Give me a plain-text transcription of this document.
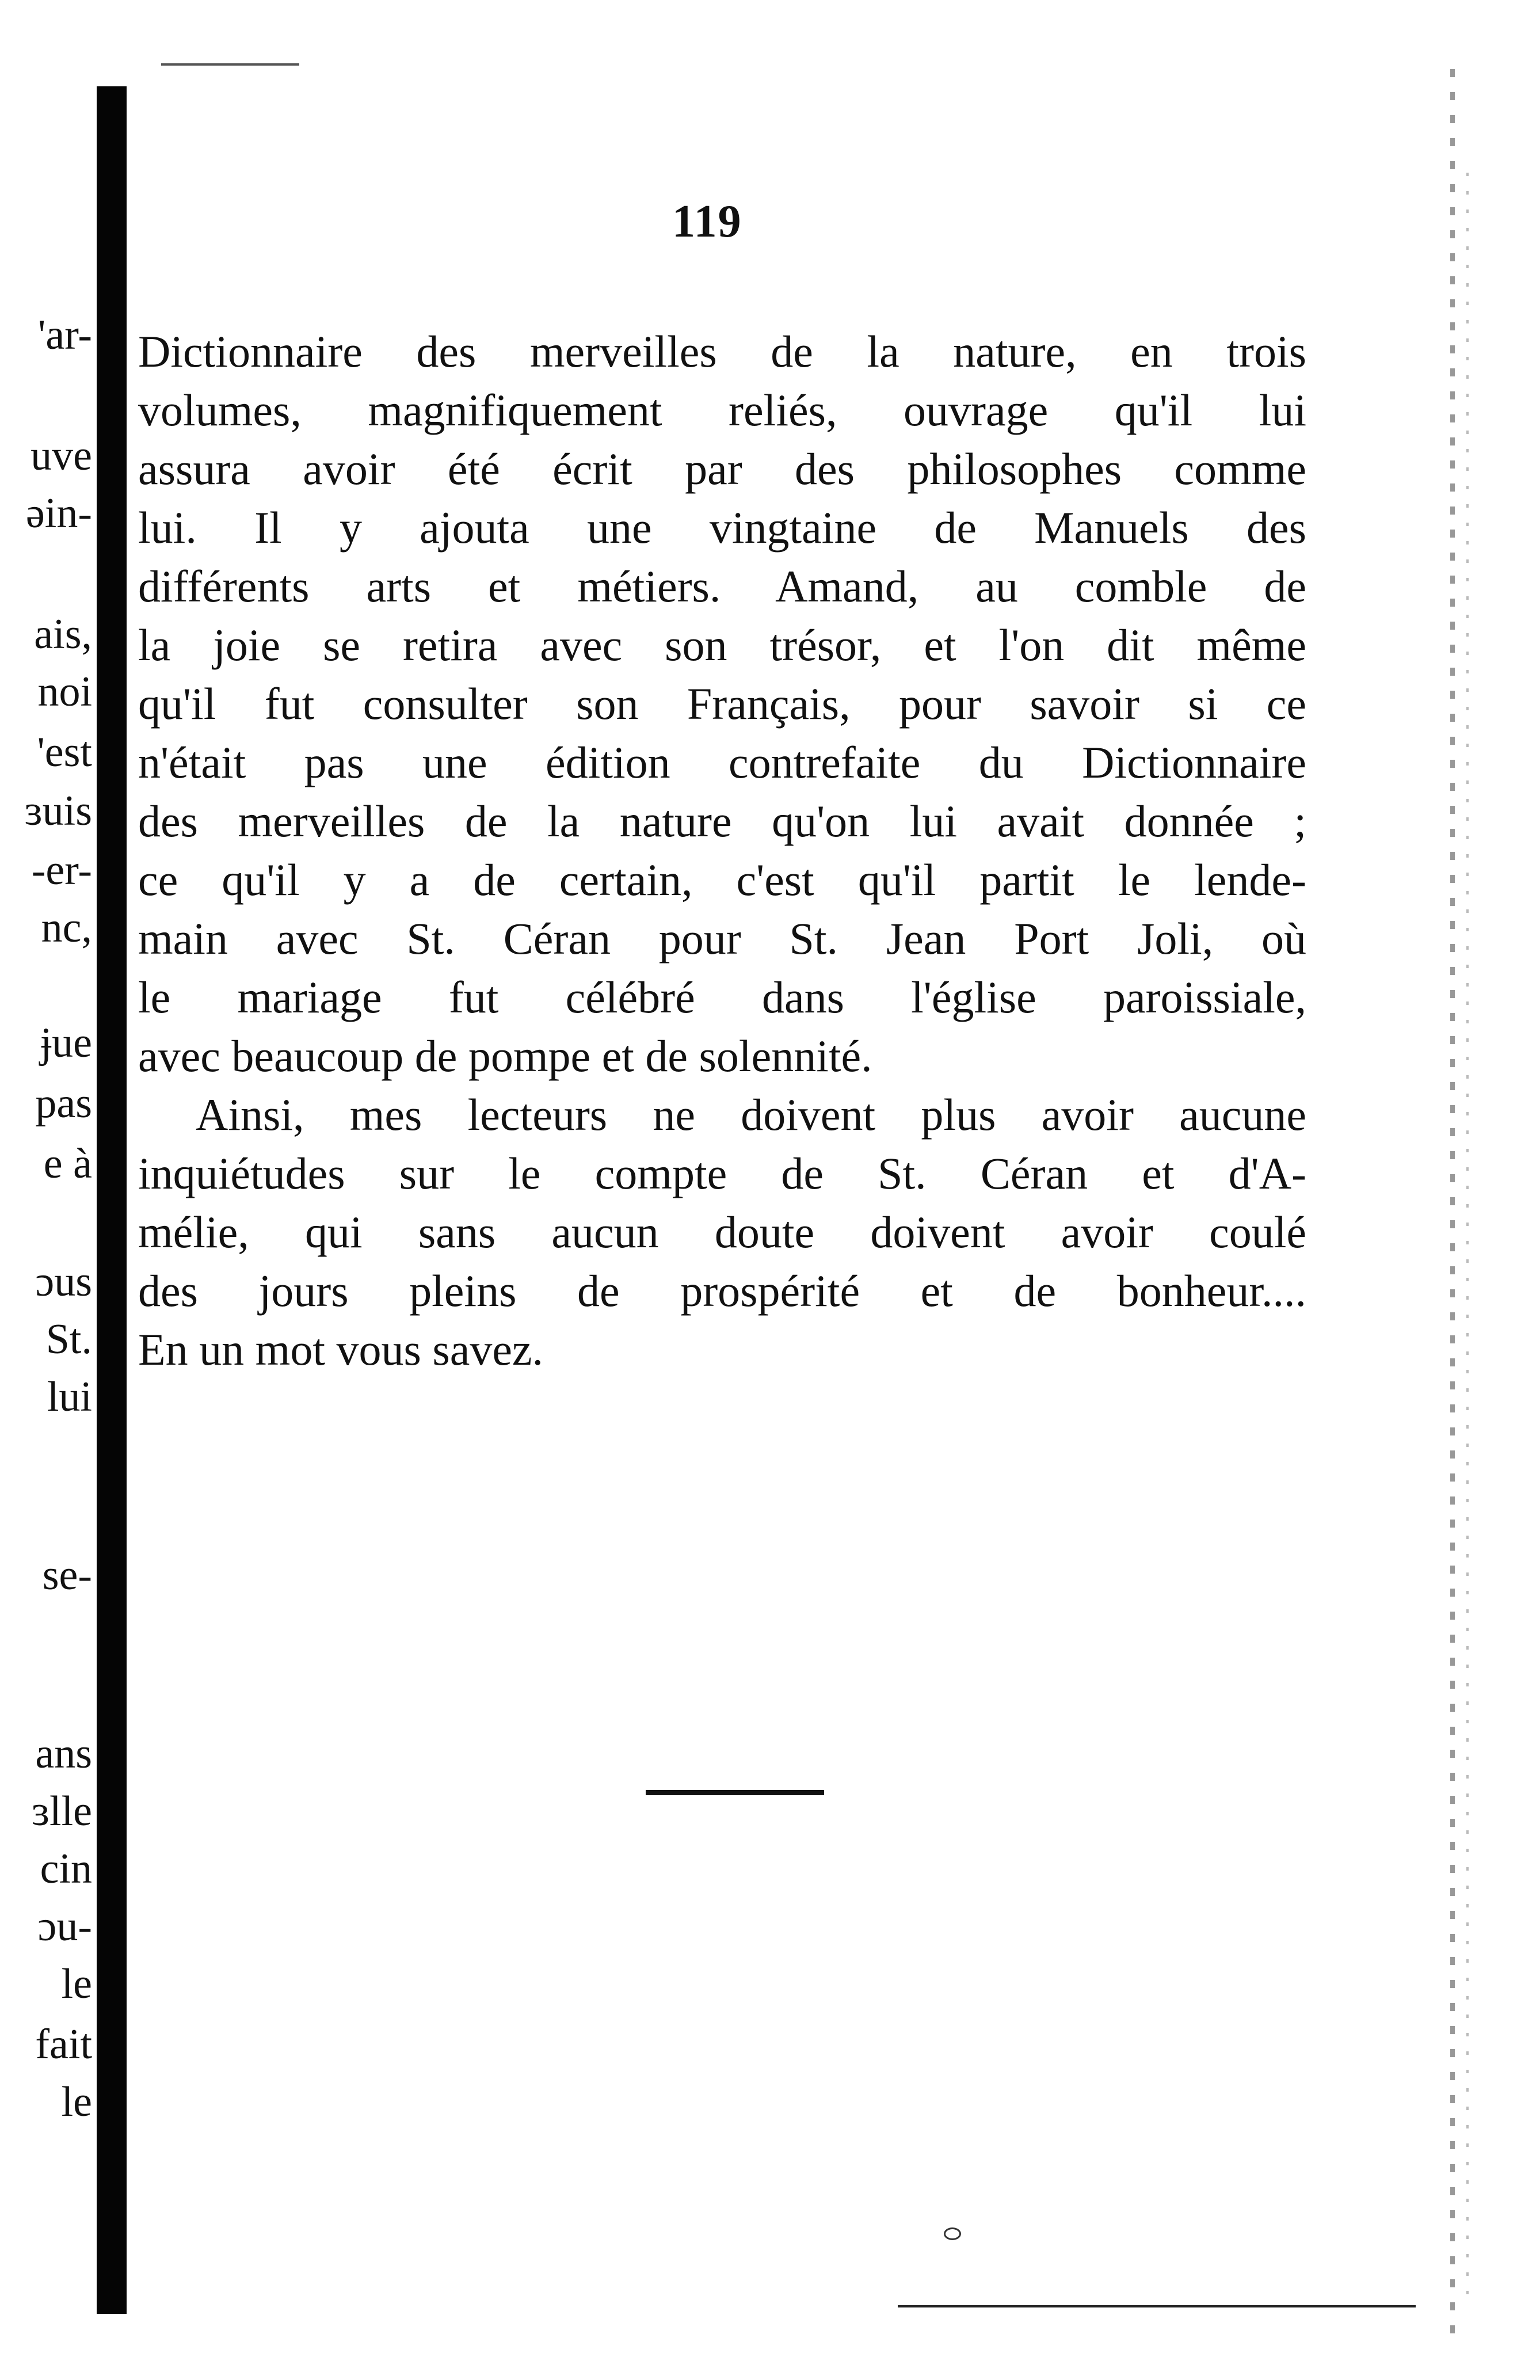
'ar-
uve
əin-
ais,
noi
'est
ɜuis
-er-
nc,
ɉue
pas
e à
ɔus
St.
lui
se-
ans
ɜlle
cin
ɔu-
le
fait
le
119
Dictionnaire des merveilles de la nature, en trois
volumes, magnifiquement reliés, ouvrage qu'il lui
assura avoir été écrit par des philosophes comme
lui. Il y ajouta une vingtaine de Manuels des
différents arts et métiers. Amand, au comble de
la joie se retira avec son trésor, et l'on dit même
qu'il fut consulter son Français, pour savoir si ce
n'était pas une édition contrefaite du Dictionnaire
des merveilles de la nature qu'on lui avait donnée ;
ce qu'il y a de certain, c'est qu'il partit le lende-
main avec St. Céran pour St. Jean Port Joli, où
le mariage fut célébré dans l'église paroissiale,
avec beaucoup de pompe et de solennité.
Ainsi, mes lecteurs ne doivent plus avoir aucune
inquiétudes sur le compte de St. Céran et d'A-
mélie, qui sans aucun doute doivent avoir coulé
des jours pleins de prospérité et de bonheur....
En un mot vous savez.
